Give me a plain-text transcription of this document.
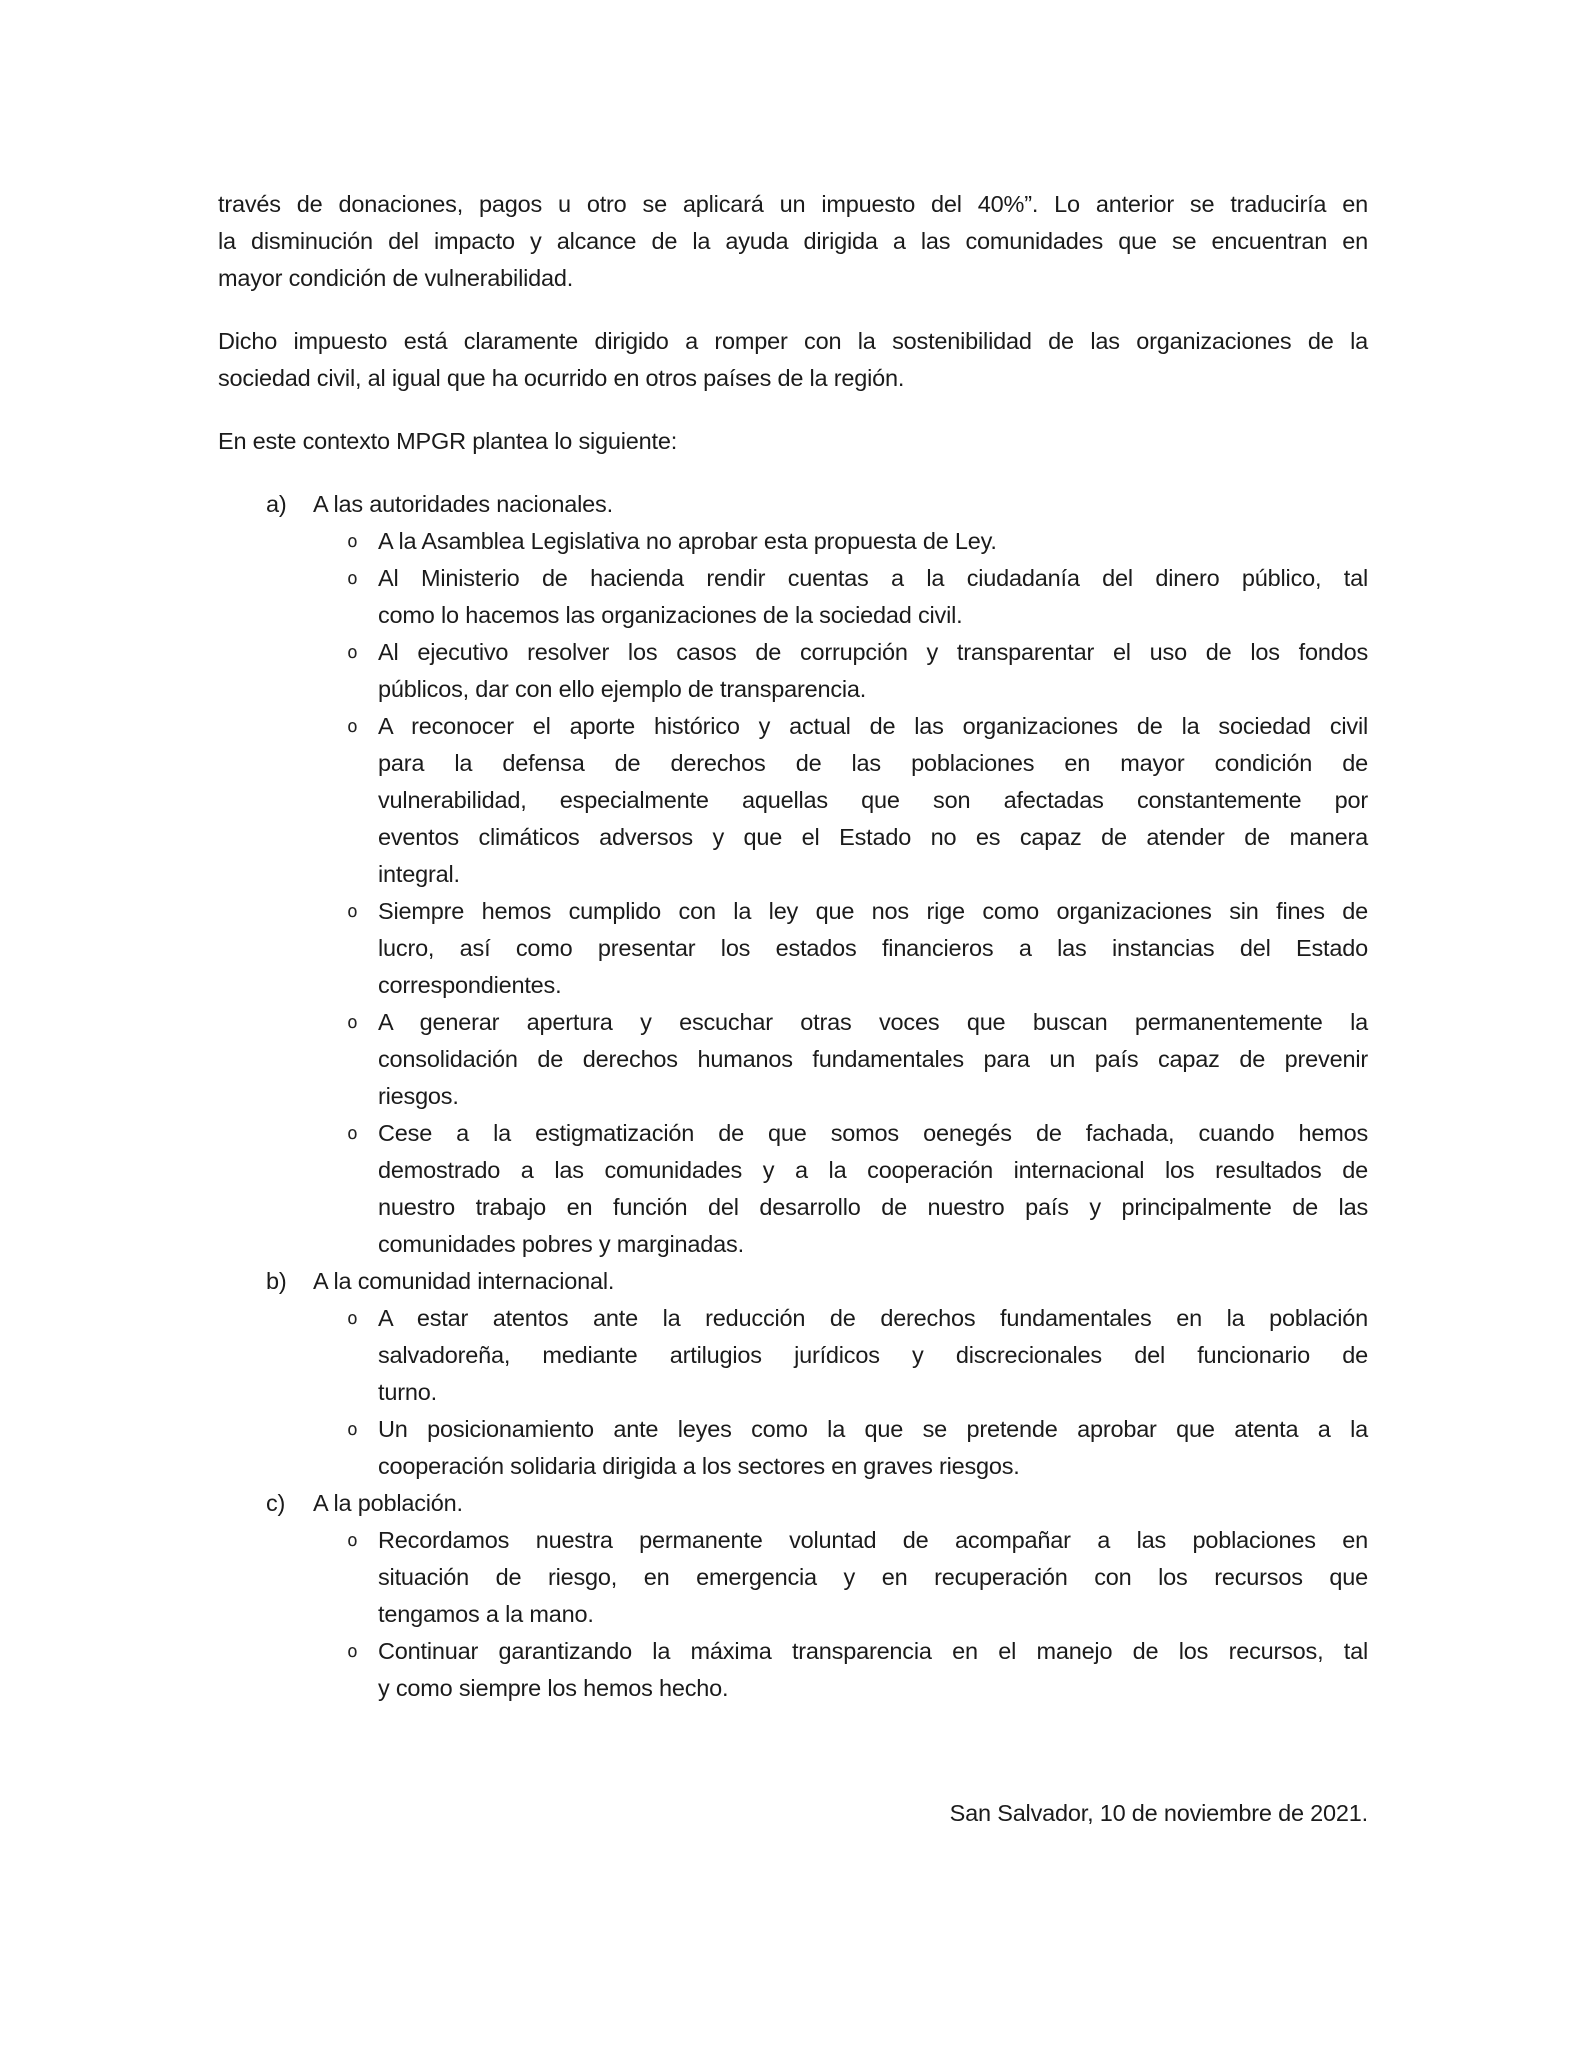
través de donaciones, pagos u otro se aplicará un impuesto del 40%”. Lo anterior se traduciría en
la disminución del impacto y alcance de la ayuda dirigida a las comunidades que se encuentran en
mayor condición de vulnerabilidad.
Dicho impuesto está claramente dirigido a romper con la sostenibilidad de las organizaciones de la
sociedad civil, al igual que ha ocurrido en otros países de la región.
En este contexto MPGR plantea lo siguiente:
a) A las autoridades nacionales.
o A la Asamblea Legislativa no aprobar esta propuesta de Ley.
o Al Ministerio de hacienda rendir cuentas a la ciudadanía del dinero público, tal
como lo hacemos las organizaciones de la sociedad civil.
o Al ejecutivo resolver los casos de corrupción y transparentar el uso de los fondos
públicos, dar con ello ejemplo de transparencia.
o A reconocer el aporte histórico y actual de las organizaciones de la sociedad civil
para la defensa de derechos de las poblaciones en mayor condición de
vulnerabilidad, especialmente aquellas que son afectadas constantemente por
eventos climáticos adversos y que el Estado no es capaz de atender de manera
integral.
o Siempre hemos cumplido con la ley que nos rige como organizaciones sin fines de
lucro, así como presentar los estados financieros a las instancias del Estado
correspondientes.
o A generar apertura y escuchar otras voces que buscan permanentemente la
consolidación de derechos humanos fundamentales para un país capaz de prevenir
riesgos.
o Cese a la estigmatización de que somos oenegés de fachada, cuando hemos
demostrado a las comunidades y a la cooperación internacional los resultados de
nuestro trabajo en función del desarrollo de nuestro país y principalmente de las
comunidades pobres y marginadas.
b) A la comunidad internacional.
o A estar atentos ante la reducción de derechos fundamentales en la población
salvadoreña, mediante artilugios jurídicos y discrecionales del funcionario de
turno.
o Un posicionamiento ante leyes como la que se pretende aprobar que atenta a la
cooperación solidaria dirigida a los sectores en graves riesgos.
c) A la población.
o Recordamos nuestra permanente voluntad de acompañar a las poblaciones en
situación de riesgo, en emergencia y en recuperación con los recursos que
tengamos a la mano.
o Continuar garantizando la máxima transparencia en el manejo de los recursos, tal
y como siempre los hemos hecho.
San Salvador, 10 de noviembre de 2021.
